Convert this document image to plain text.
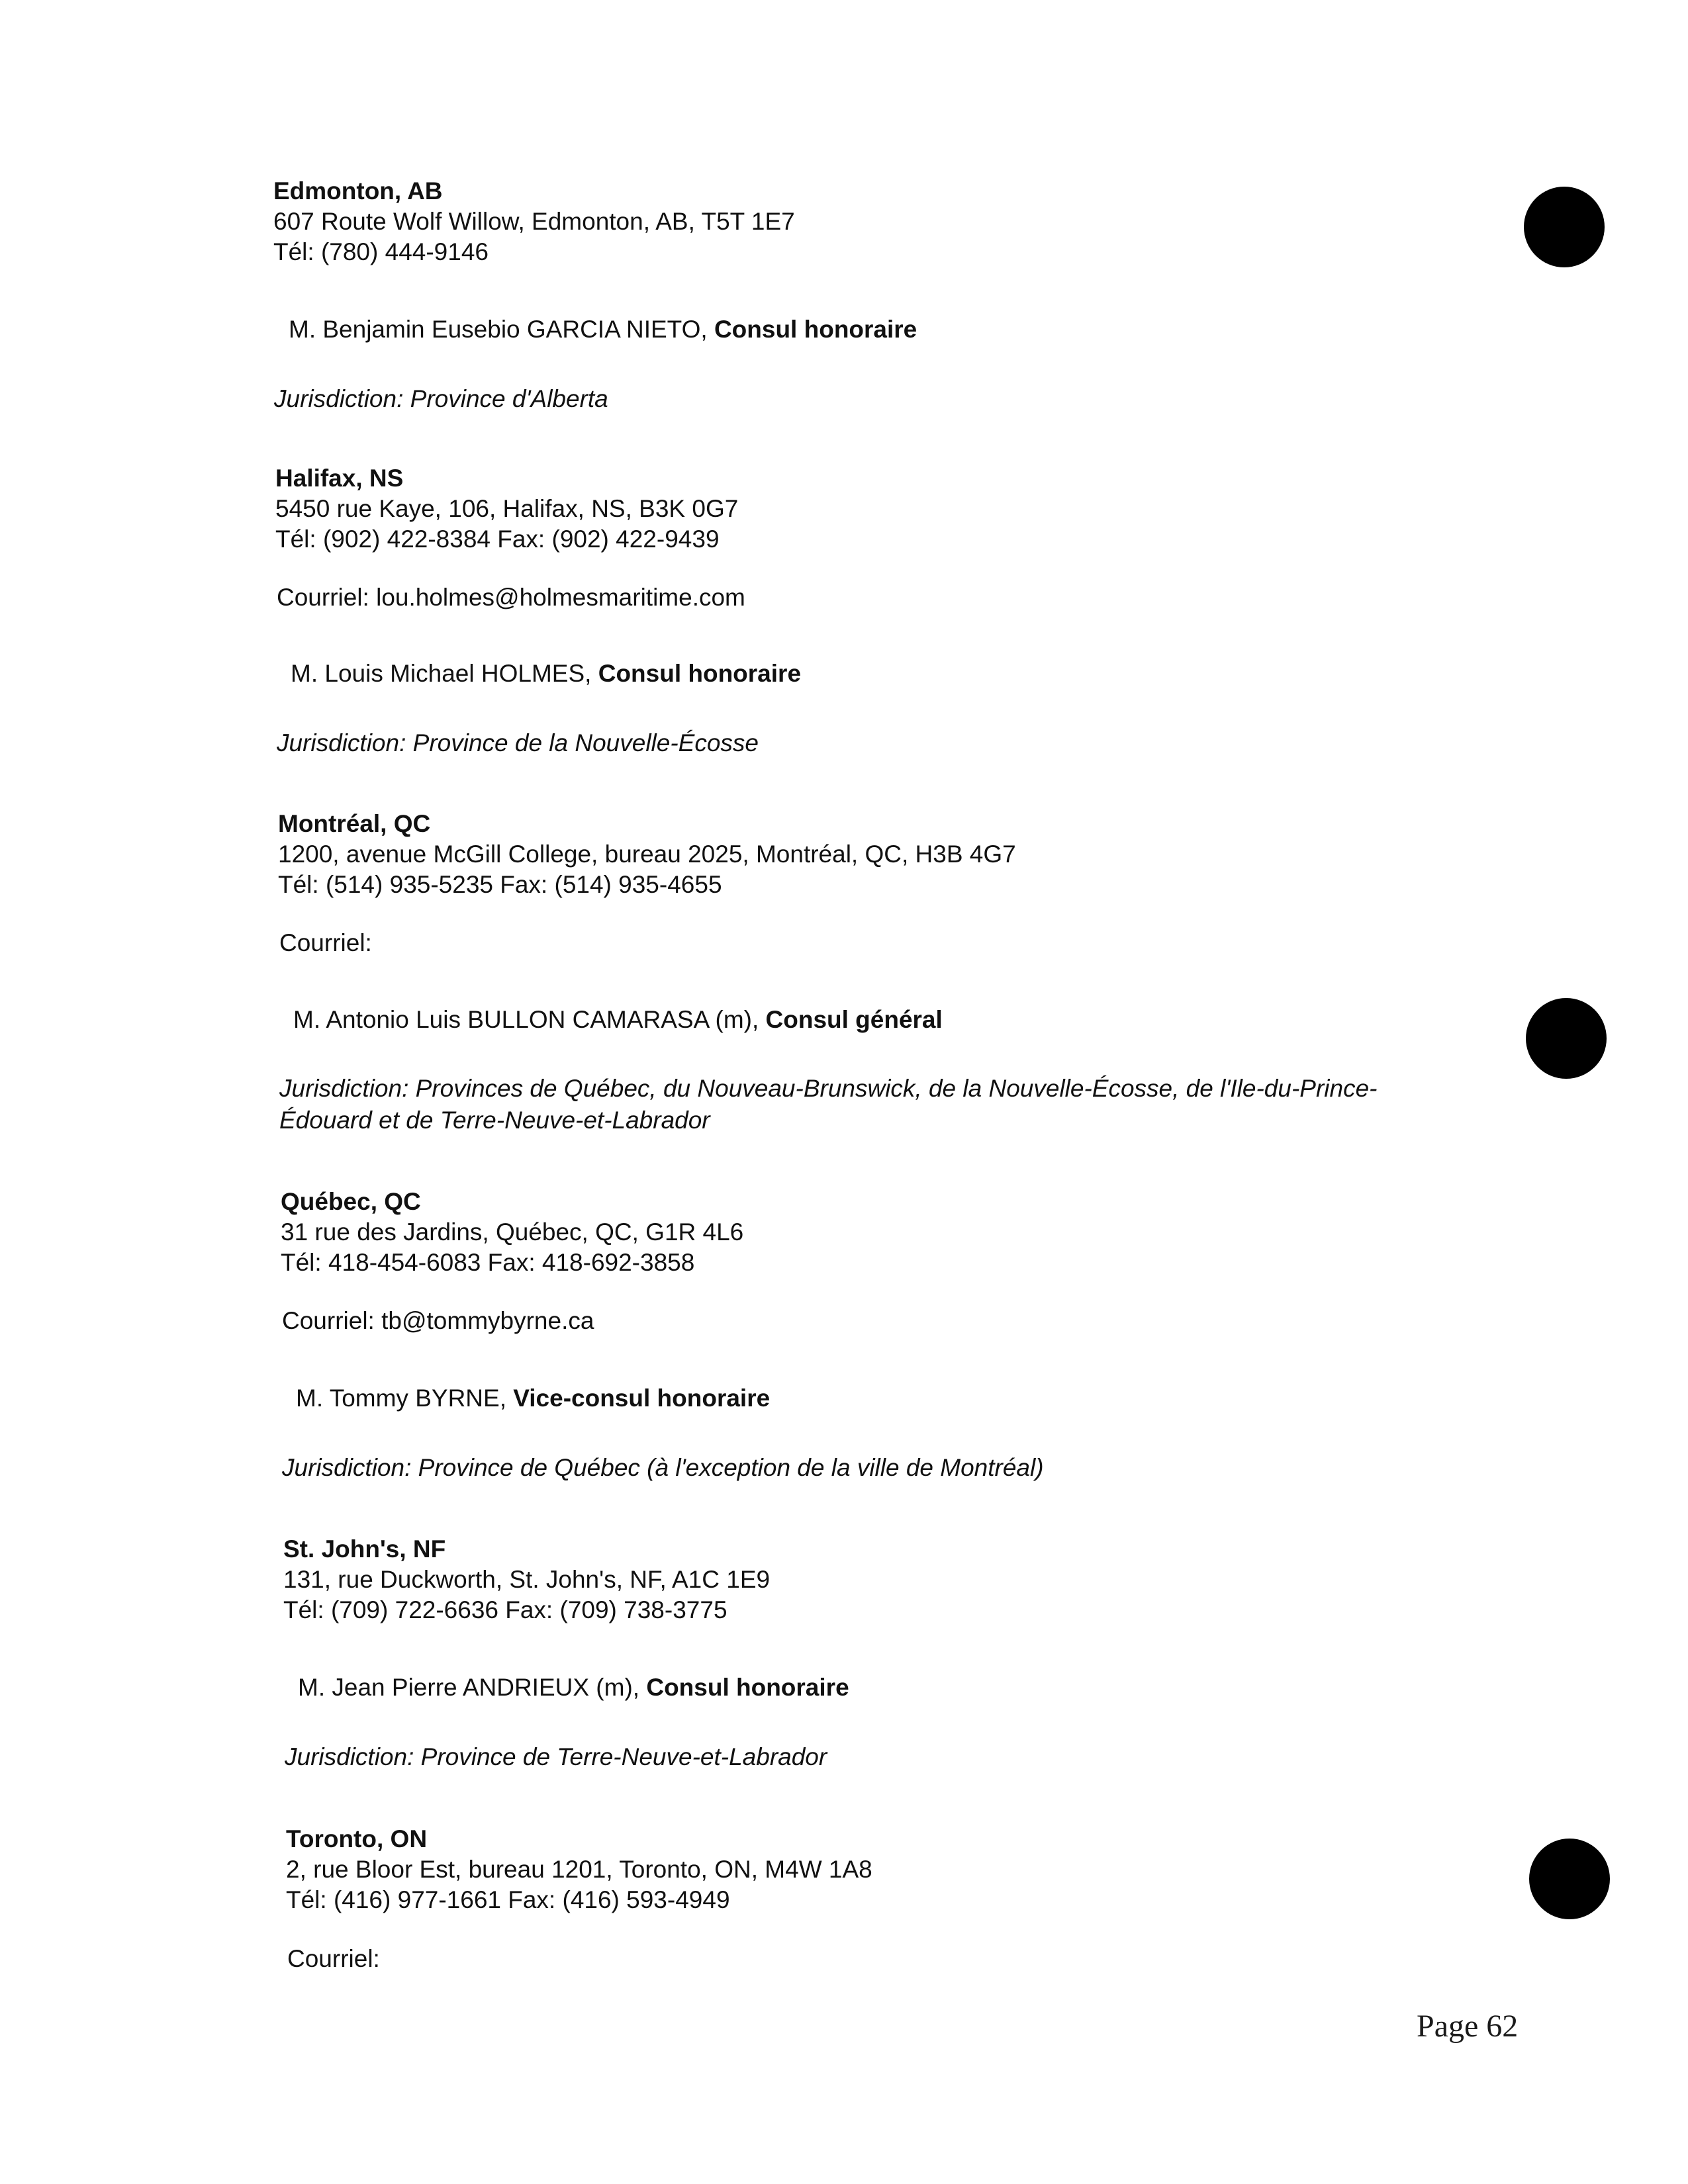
Edmonton, AB
607 Route Wolf Willow, Edmonton, AB, T5T 1E7
Tél: (780) 444-9146
M. Benjamin Eusebio GARCIA NIETO, Consul honoraire
Jurisdiction: Province d'Alberta
Halifax, NS
5450 rue Kaye, 106, Halifax, NS, B3K 0G7
Tél: (902) 422-8384 Fax: (902) 422-9439
Courriel: lou.holmes@holmesmaritime.com
M. Louis Michael HOLMES, Consul honoraire
Jurisdiction: Province de la Nouvelle-Écosse
Montréal, QC
1200, avenue McGill College, bureau 2025, Montréal, QC, H3B 4G7
Tél: (514) 935-5235 Fax: (514) 935-4655
Courriel:
M. Antonio Luis BULLON CAMARASA (m), Consul général
Jurisdiction: Provinces de Québec, du Nouveau-Brunswick, de la Nouvelle-Écosse, de l'Ile-du-Prince-
Édouard et de Terre-Neuve-et-Labrador
Québec, QC
31 rue des Jardins, Québec, QC, G1R 4L6
Tél: 418-454-6083 Fax: 418-692-3858
Courriel: tb@tommybyrne.ca
M. Tommy BYRNE, Vice-consul honoraire
Jurisdiction: Province de Québec (à l'exception de la ville de Montréal)
St. John's, NF
131, rue Duckworth, St. John's, NF, A1C 1E9
Tél: (709) 722-6636 Fax: (709) 738-3775
M. Jean Pierre ANDRIEUX (m), Consul honoraire
Jurisdiction: Province de Terre-Neuve-et-Labrador
Toronto, ON
2, rue Bloor Est, bureau 1201, Toronto, ON, M4W 1A8
Tél: (416) 977-1661 Fax: (416) 593-4949
Courriel:
Page 62
